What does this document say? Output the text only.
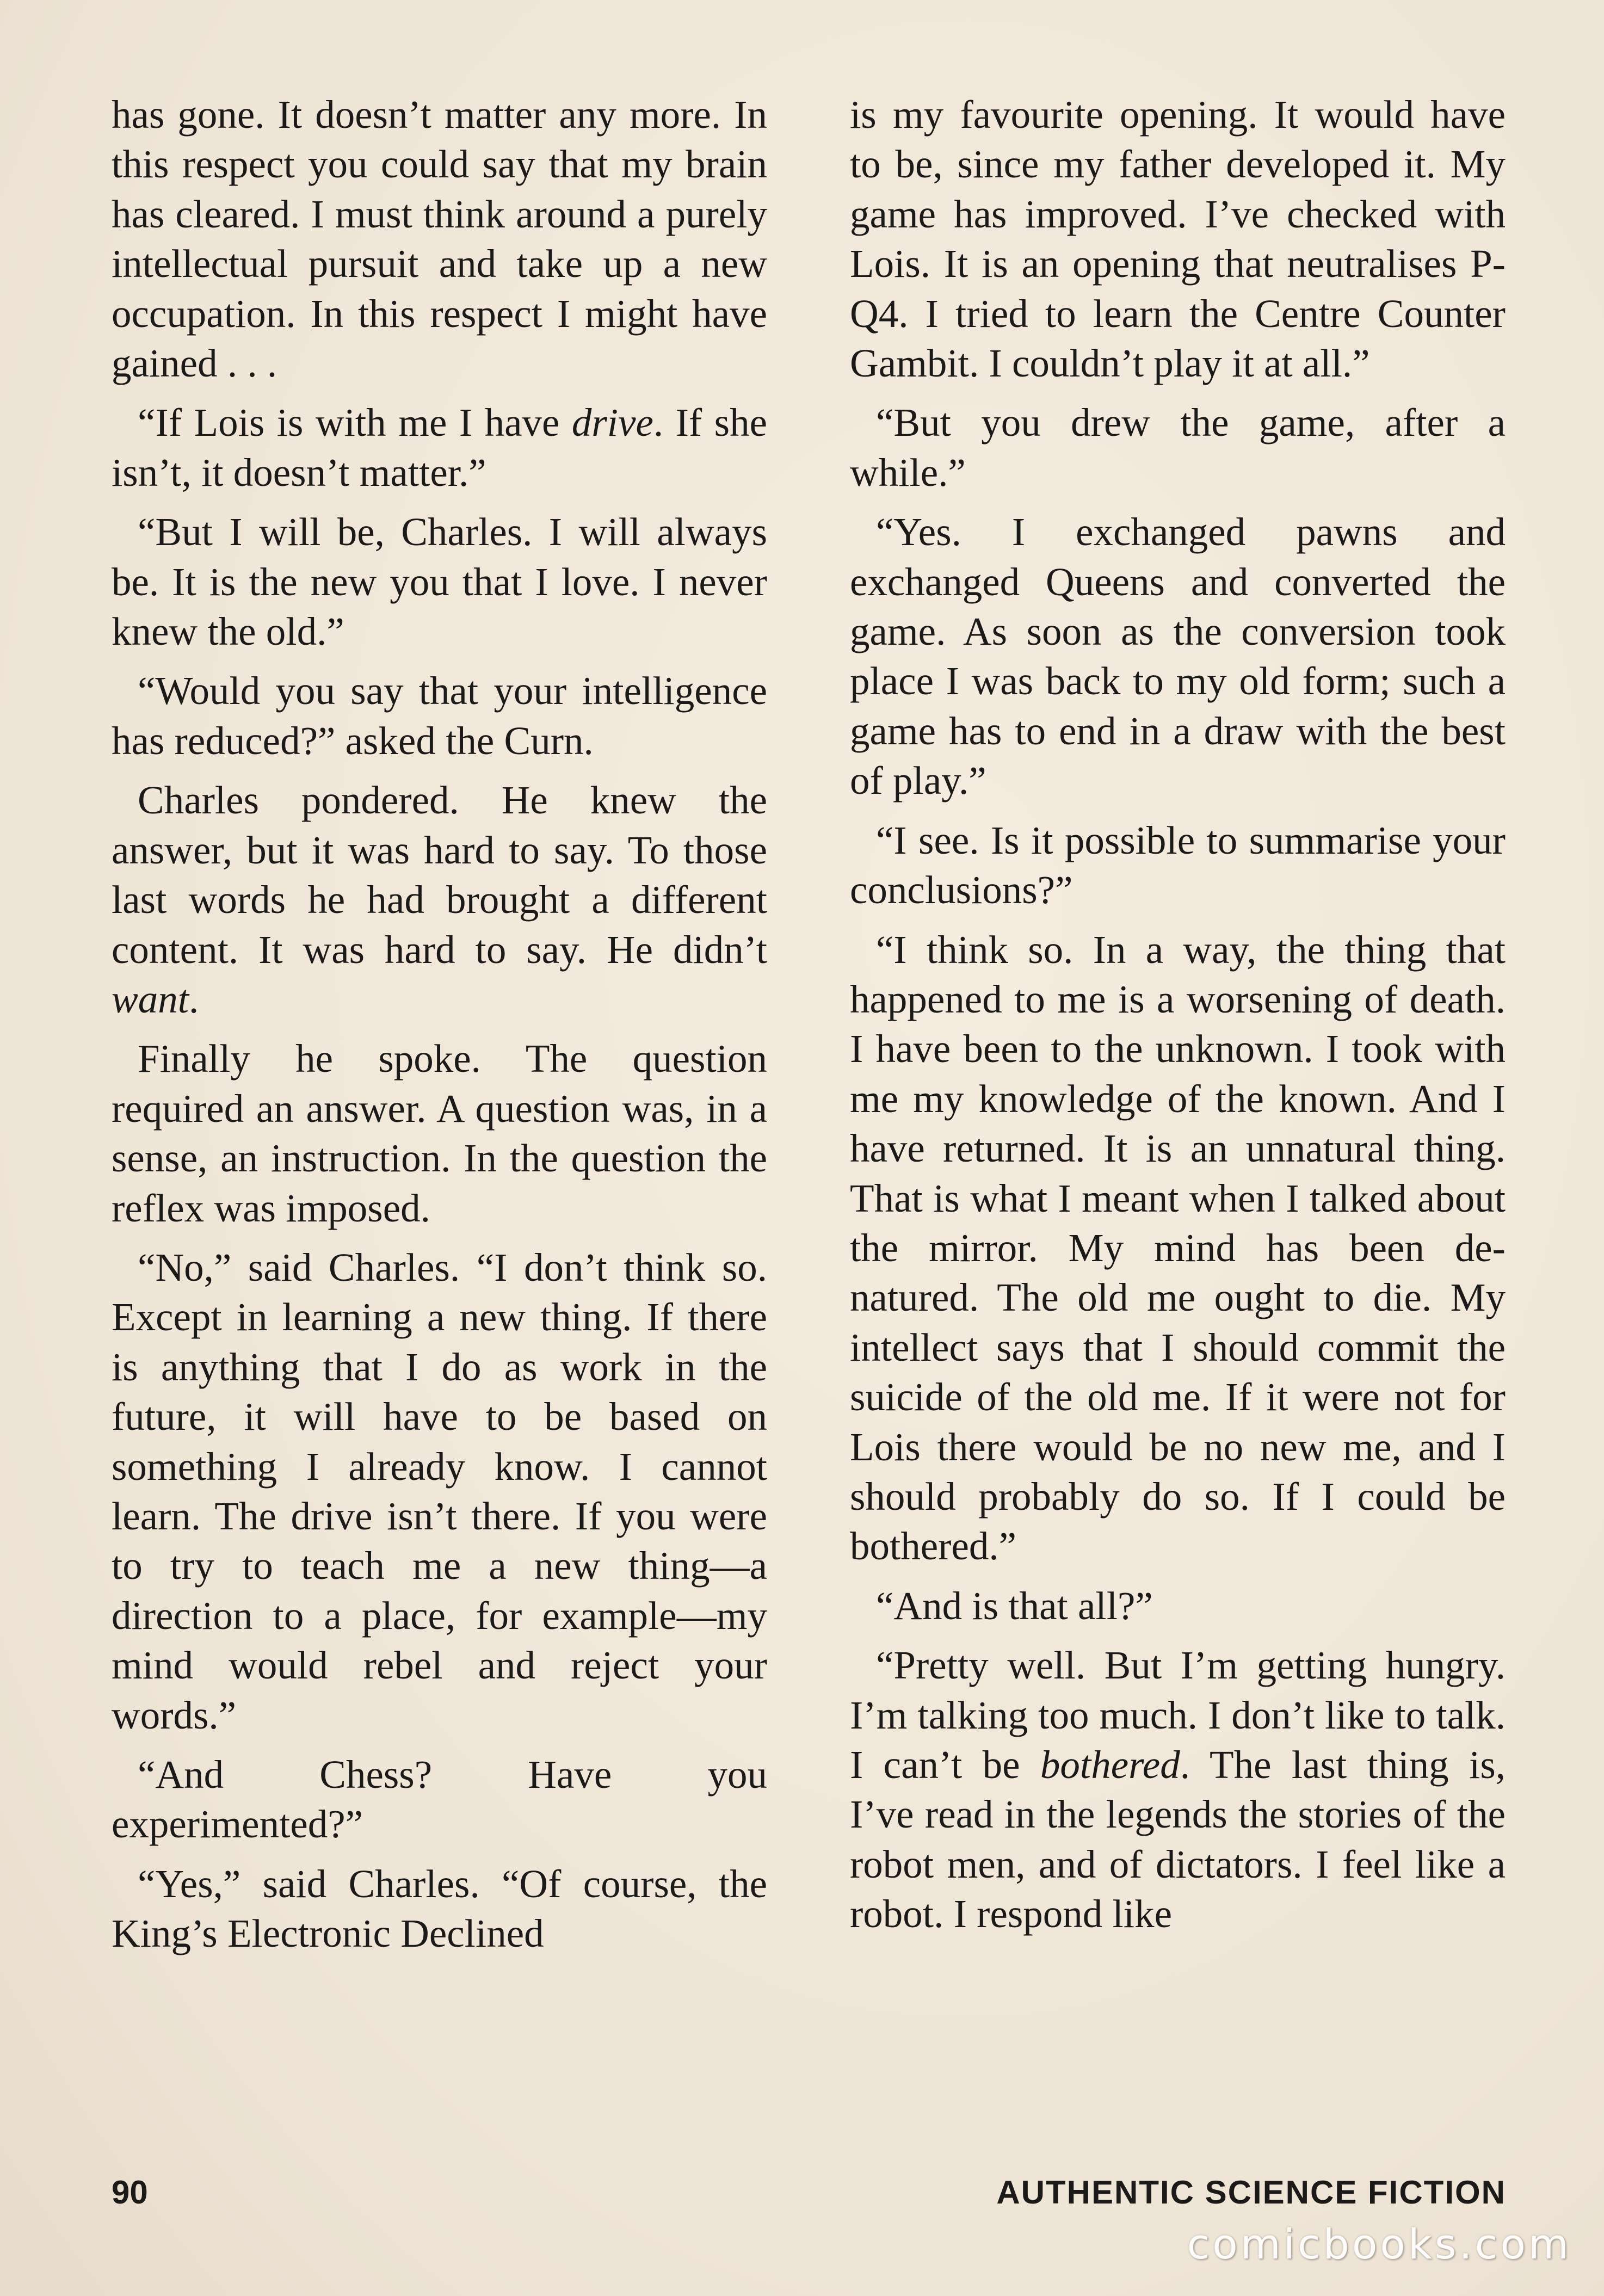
has gone. It doesn’t matter any more. In this respect you could say that my brain has cleared. I must think around a purely intellectual pursuit and take up a new occupation. In this respect I might have gained . . .

“If Lois is with me I have drive. If she isn’t, it doesn’t matter.”

“But I will be, Charles. I will always be. It is the new you that I love. I never knew the old.”

“Would you say that your intelligence has reduced?” asked the Curn.

Charles pondered. He knew the answer, but it was hard to say. To those last words he had brought a different content. It was hard to say. He didn’t want.

Finally he spoke. The question required an answer. A question was, in a sense, an instruction. In the question the reflex was imposed.

“No,” said Charles. “I don’t think so. Except in learning a new thing. If there is anything that I do as work in the future, it will have to be based on something I already know. I cannot learn. The drive isn’t there. If you were to try to teach me a new thing—a direction to a place, for example—my mind would rebel and reject your words.”

“And Chess? Have you experimented?”

“Yes,” said Charles. “Of course, the King’s Electronic Declined

is my favourite opening. It would have to be, since my father developed it. My game has improved. I’ve checked with Lois. It is an opening that neutralises P-Q4. I tried to learn the Centre Counter Gambit. I couldn’t play it at all.”

“But you drew the game, after a while.”

“Yes. I exchanged pawns and exchanged Queens and converted the game. As soon as the conversion took place I was back to my old form; such a game has to end in a draw with the best of play.”

“I see. Is it possible to summarise your conclusions?”

“I think so. In a way, the thing that happened to me is a worsening of death. I have been to the unknown. I took with me my knowledge of the known. And I have returned. It is an unnatural thing. That is what I meant when I talked about the mirror. My mind has been de-natured. The old me ought to die. My intellect says that I should commit the suicide of the old me. If it were not for Lois there would be no new me, and I should probably do so. If I could be bothered.”

“And is that all?”

“Pretty well. But I’m getting hungry. I’m talking too much. I don’t like to talk. I can’t be bothered. The last thing is, I’ve read in the legends the stories of the robot men, and of dictators. I feel like a robot. I respond like

90	AUTHENTIC SCIENCE FICTION
comicbooks.com
